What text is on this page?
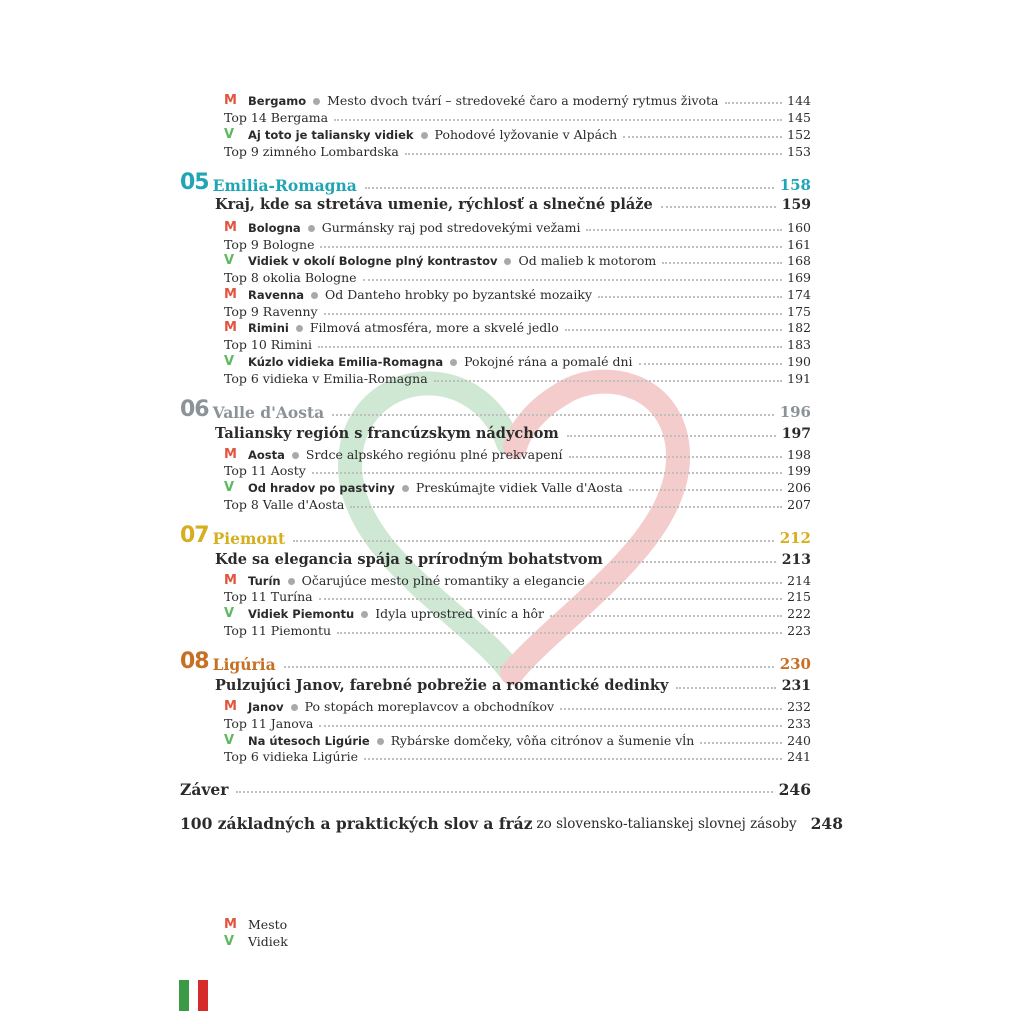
M Bergamo Mesto dvoch tvárí – stredoveké čaro a moderný rytmus života	144
Top 14 Bergama	145
V	Aj toto je taliansky vidiek Pohodové lyžovanie v Alpách	152
Top 9 zimného Lombardska	153
05 Emilia-Romagna	158
Kraj, kde sa stretáva umenie, rýchlosť a slnečné pláže	159
M Bologna Gurmánsky raj pod stredovekými vežami	160
Top 9 Bologne	161
V	Vidiek v okolí Bologne plný kontrastov Od malieb k motorom	168
Top 8 okolia Bologne	169
M Ravenna Od Danteho hrobky po byzantské mozaiky	174
Top 9 Ravenny	175
M Rimini Filmová atmosféra, more a skvelé jedlo	182
Top 10 Rimini	183
V	Kúzlo vidieka Emilia-Romagna Pokojné rána a pomalé dni	190
Top 6 vidieka v Emilia-Romagna	191
06 Valle d'Aosta	196
Taliansky región s francúzskym nádychom	197
M Aosta Srdce alpského regiónu plné prekvapení	198
Top 11 Aosty	199
V	Od hradov po pastviny Preskúmajte vidiek Valle d'Aosta	206
Top 8 Valle d'Aosta	207
07 Piemont	212
Kde sa elegancia spája s prírodným bohatstvom	213
M Turín Očarujúce mesto plné romantiky a elegancie	214
Top 11 Turína	215
V	Vidiek Piemontu Idyla uprostred viníc a hôr	222
Top 11 Piemontu	223
08 Ligúria	230
Pulzujúci Janov, farebné pobrežie a romantické dedinky	231
M Janov Po stopách moreplavcov a obchodníkov	232
Top 11 Janova	233
V	Na útesoch Ligúrie Rybárske domčeky, vôňa citrónov a šumenie vĺn	240
Top 6 vidieka Ligúrie	241
Záver	246
100 základných a praktických slov a fráz zo slovensko-talianskej slovnej zásoby 248
M Mesto
V	Vidiek
